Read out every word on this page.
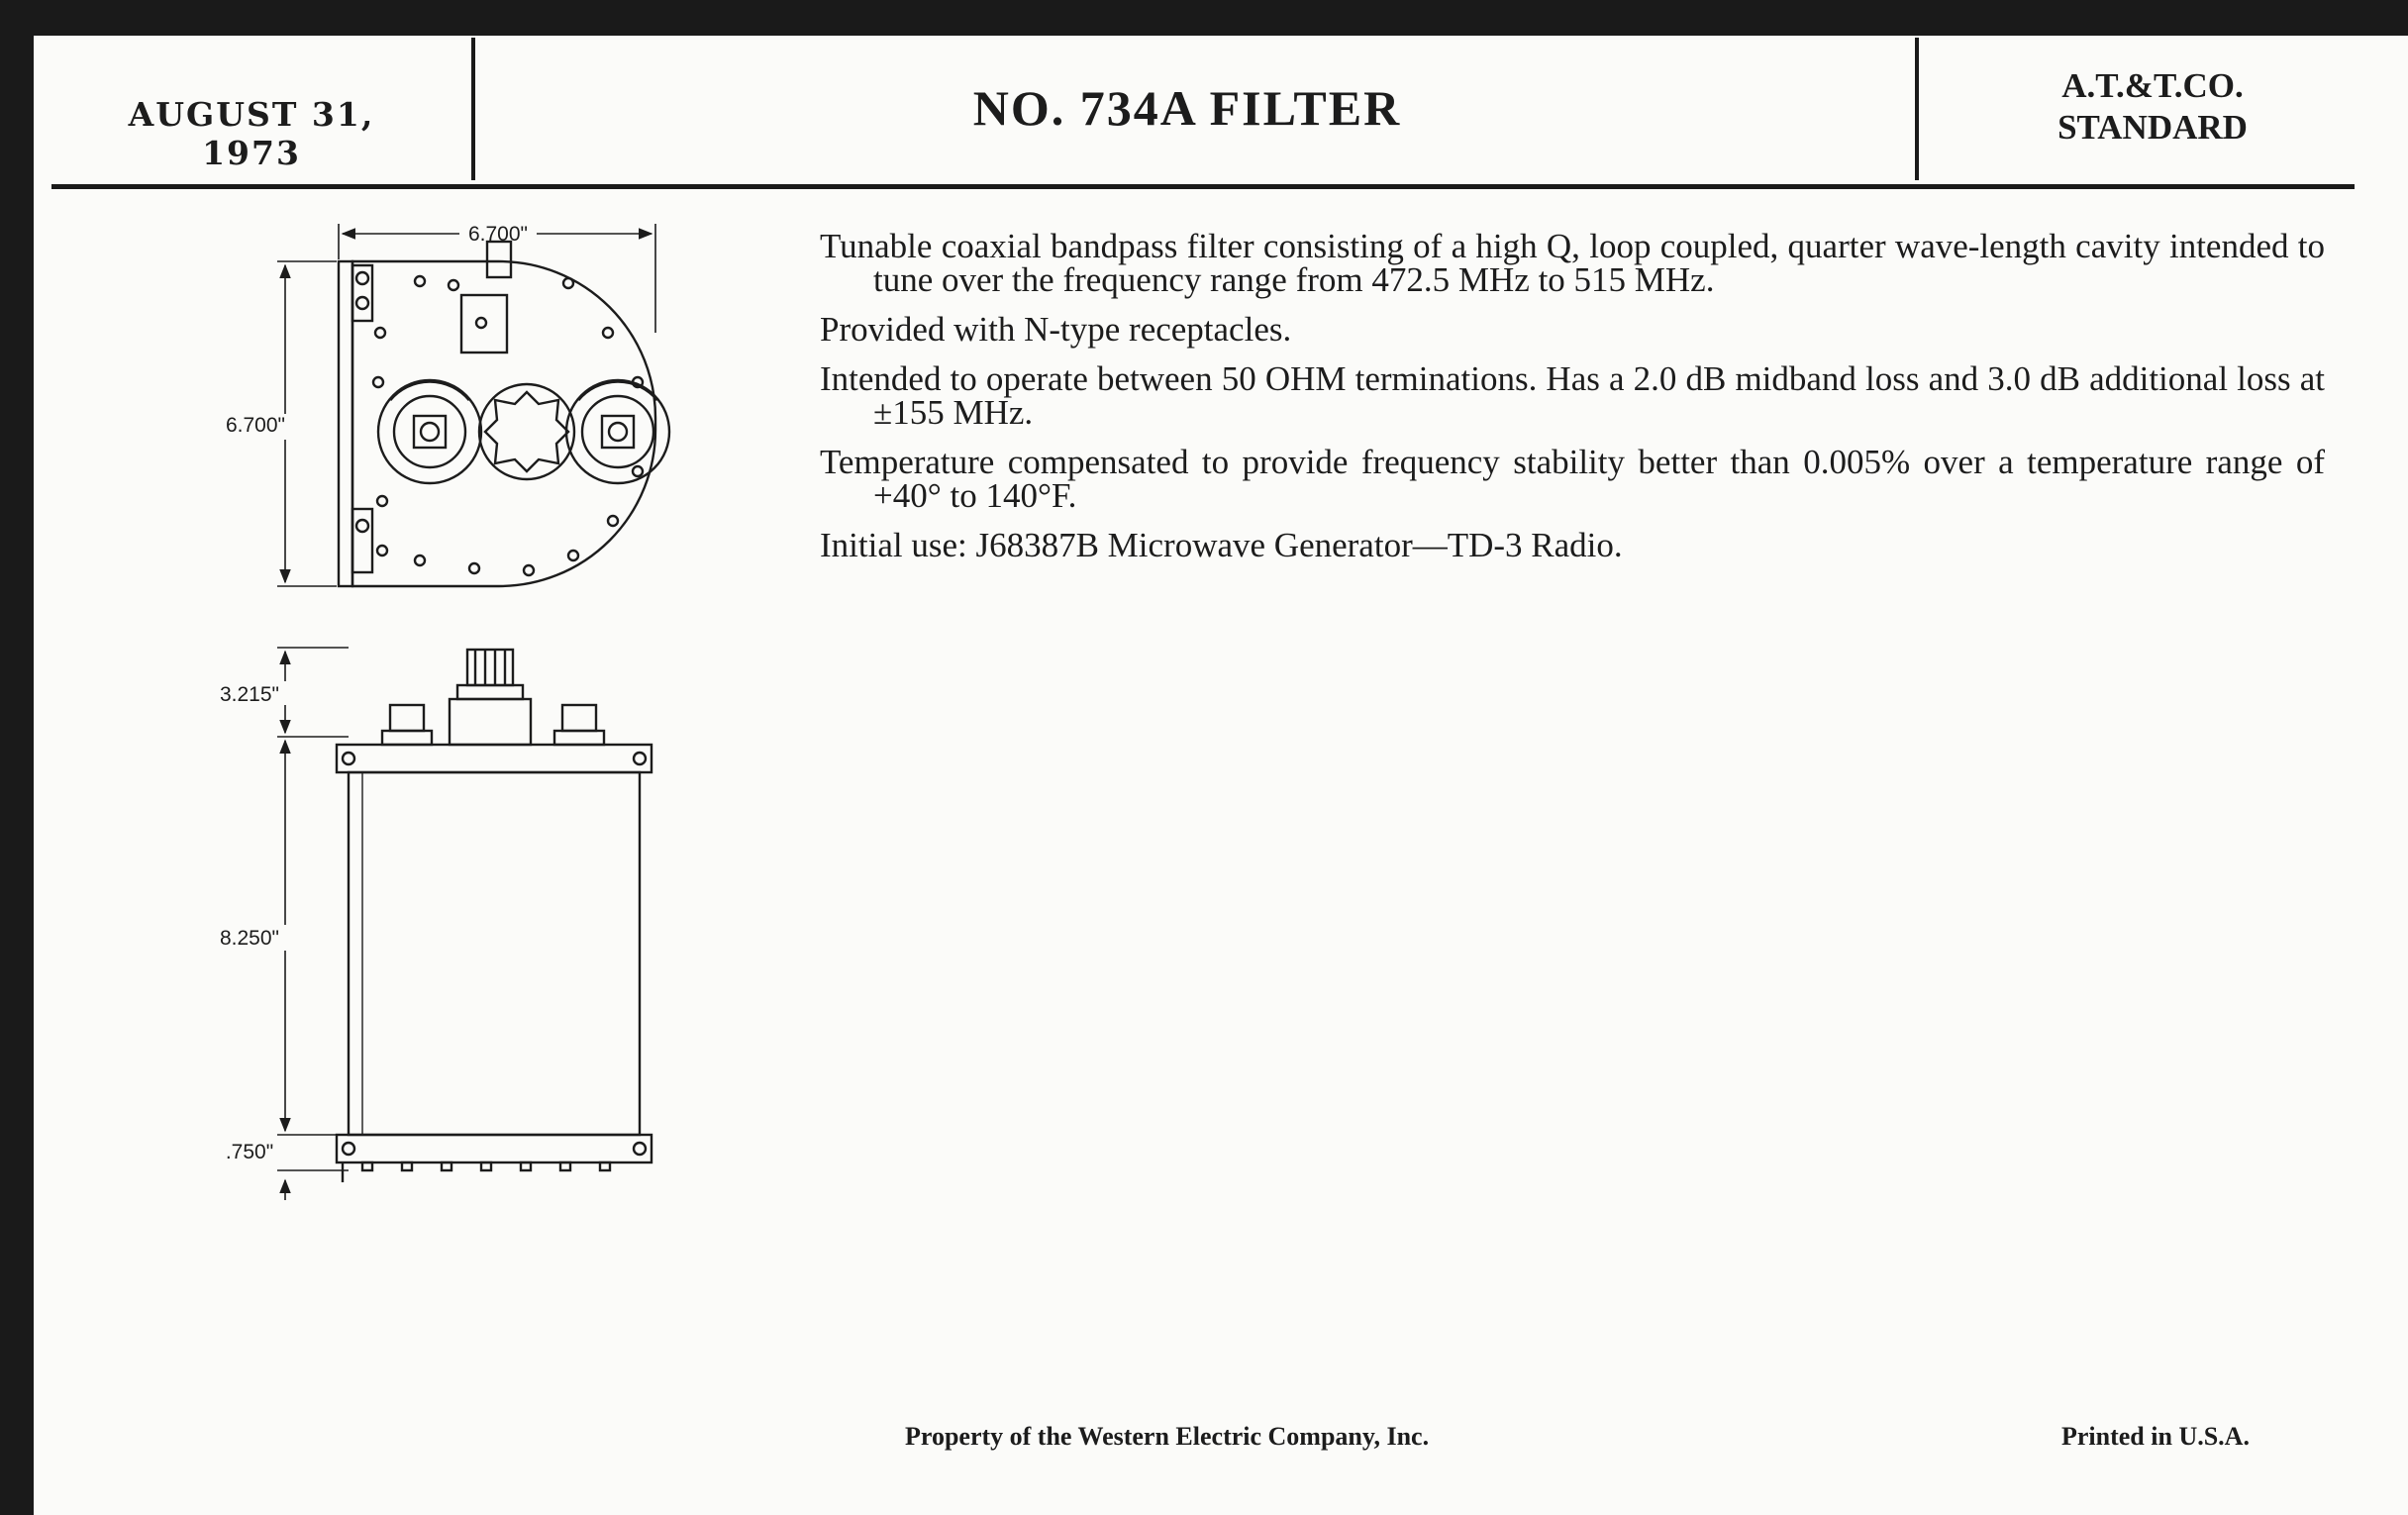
AUGUST 31, 1973
NO. 734A FILTER	A.T.&T.CO.
STANDARD
6.700"
6.700"
3.215"
8.250"
.750"

Tunable coaxial bandpass filter consisting of a high Q, loop coupled, quarter wave-length cavity intended to tune over the frequency range from 472.5 MHz to 515 MHz.

Provided with N-type receptacles.

Intended to operate between 50 OHM terminations. Has a 2.0 dB midband loss and 3.0 dB additional loss at ±155 MHz.

Temperature compensated to provide frequency stability better than 0.005% over a temperature range of +40° to 140°F.

Initial use: J68387B Microwave Generator—TD-3 Radio.

Property of the Western Electric Company, Inc.	Printed in U.S.A.
